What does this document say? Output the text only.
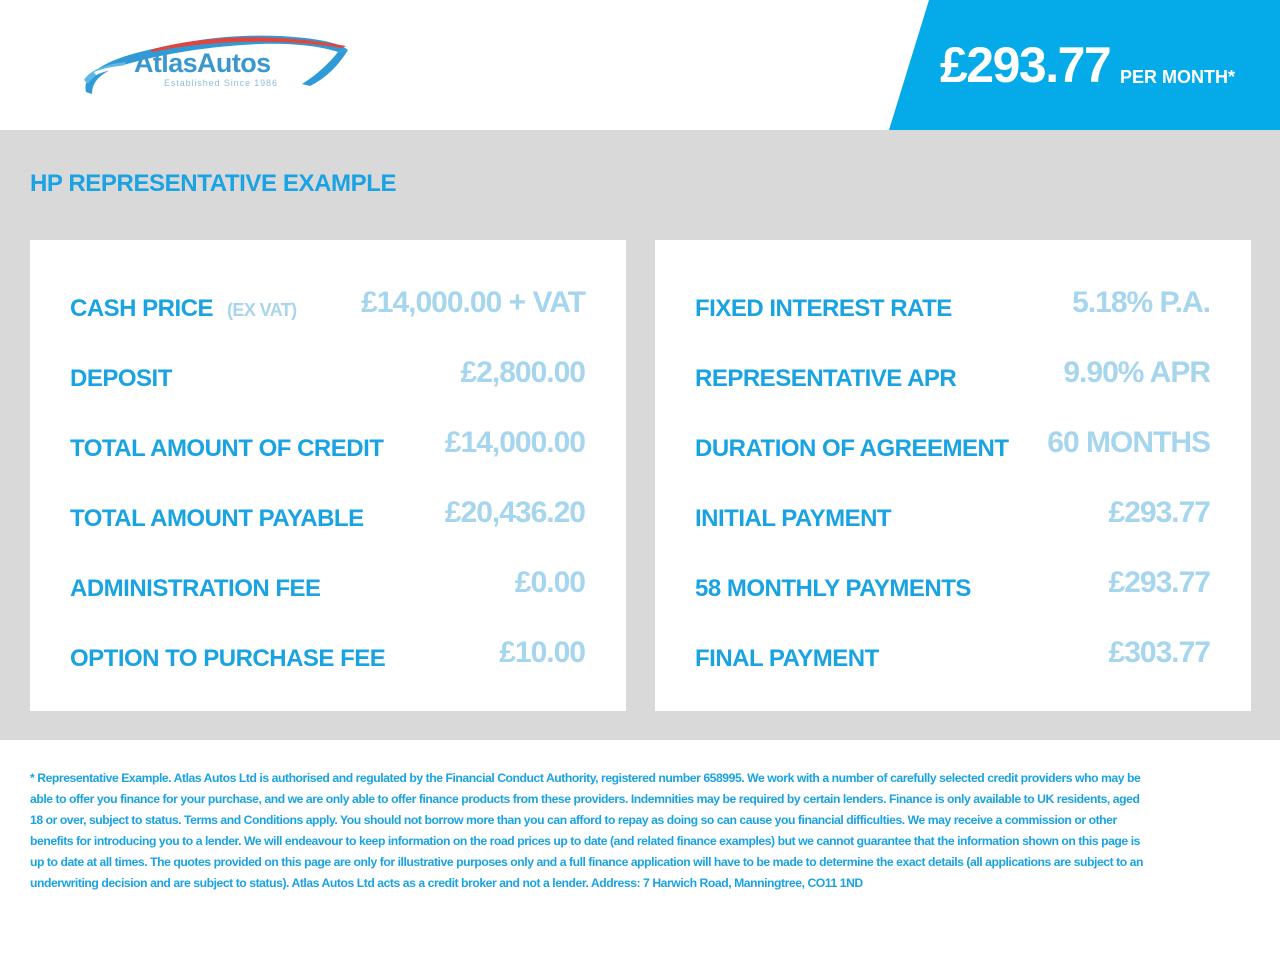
AtlasAutos
Established Since 1986	£293.77 PER MONTH*
HP REPRESENTATIVE EXAMPLE
CASH PRICE (EX VAT) £14,000.00 + VAT
DEPOSIT	£2,800.00
TOTAL AMOUNT OF CREDIT £14,000.00
TOTAL AMOUNT PAYABLE	£20,436.20
ADMINISTRATION FEE	£0.00
OPTION TO PURCHASE FEE	£10.00
FIXED INTEREST RATE	5.18% P.A.
REPRESENTATIVE APR	9.90% APR
DURATION OF AGREEMENT 60 MONTHS
INITIAL PAYMENT	£293.77
58 MONTHLY PAYMENTS	£293.77
FINAL PAYMENT	£303.77
* Representative Example. Atlas Autos Ltd is authorised and regulated by the Financial Conduct Authority, registered number 658995. We work with a number of carefully selected credit providers who may be able to offer you finance for your purchase, and we are only able to offer finance products from these providers. Indemnities may be required by certain lenders. Finance is only available to UK residents, aged 18 or over, subject to status. Terms and Conditions apply. You should not borrow more than you can afford to repay as doing so can cause you financial difficulties. We may receive a commission or other benefits for introducing you to a lender. We will endeavour to keep information on the road prices up to date (and related finance examples) but we cannot guarantee that the information shown on this page is up to date at all times. The quotes provided on this page are only for illustrative purposes only and a full finance application will have to be made to determine the exact details (all applications are subject to an underwriting decision and are subject to status). Atlas Autos Ltd acts as a credit broker and not a lender. Address: 7 Harwich Road, Manningtree, CO11 1ND
